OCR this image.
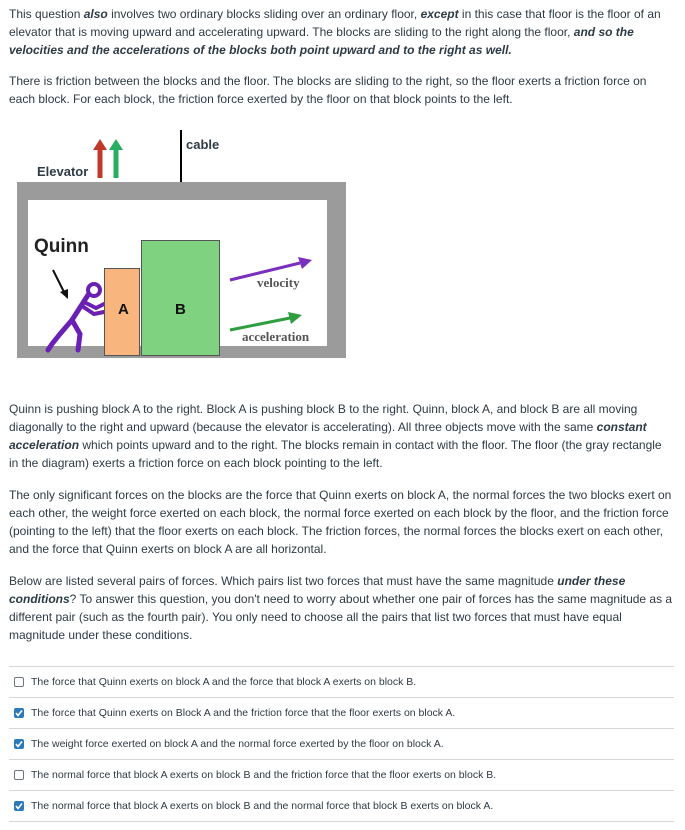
This question also involves two ordinary blocks sliding over an ordinary floor, except in this case that floor is the floor of an elevator that is moving upward and accelerating upward. The blocks are sliding to the right along the floor, and so the velocities and the accelerations of the blocks both point upward and to the right as well.

There is friction between the blocks and the floor. The blocks are sliding to the right, so the floor exerts a friction force on each block. For each block, the friction force exerted by the floor on that block points to the left.

cable
Elevator
Quinn
A	B
velocity
acceleration

Quinn is pushing block A to the right. Block A is pushing block B to the right. Quinn, block A, and block B are all moving diagonally to the right and upward (because the elevator is accelerating). All three objects move with the same constant acceleration which points upward and to the right. The blocks remain in contact with the floor. The floor (the gray rectangle in the diagram) exerts a friction force on each block pointing to the left.

The only significant forces on the blocks are the force that Quinn exerts on block A, the normal forces the two blocks exert on each other, the weight force exerted on each block, the normal force exerted on each block by the floor, and the friction force (pointing to the left) that the floor exerts on each block. The friction forces, the normal forces the blocks exert on each other, and the force that Quinn exerts on block A are all horizontal.

Below are listed several pairs of forces. Which pairs list two forces that must have the same magnitude under these conditions? To answer this question, you don't need to worry about whether one pair of forces has the same magnitude as a different pair (such as the fourth pair). You only need to choose all the pairs that list two forces that must have equal magnitude under these conditions.

The force that Quinn exerts on block A and the force that block A exerts on block B.
The force that Quinn exerts on Block A and the friction force that the floor exerts on block A.
The weight force exerted on block A and the normal force exerted by the floor on block A.
The normal force that block A exerts on block B and the friction force that the floor exerts on block B.
The normal force that block A exerts on block B and the normal force that block B exerts on block A.
